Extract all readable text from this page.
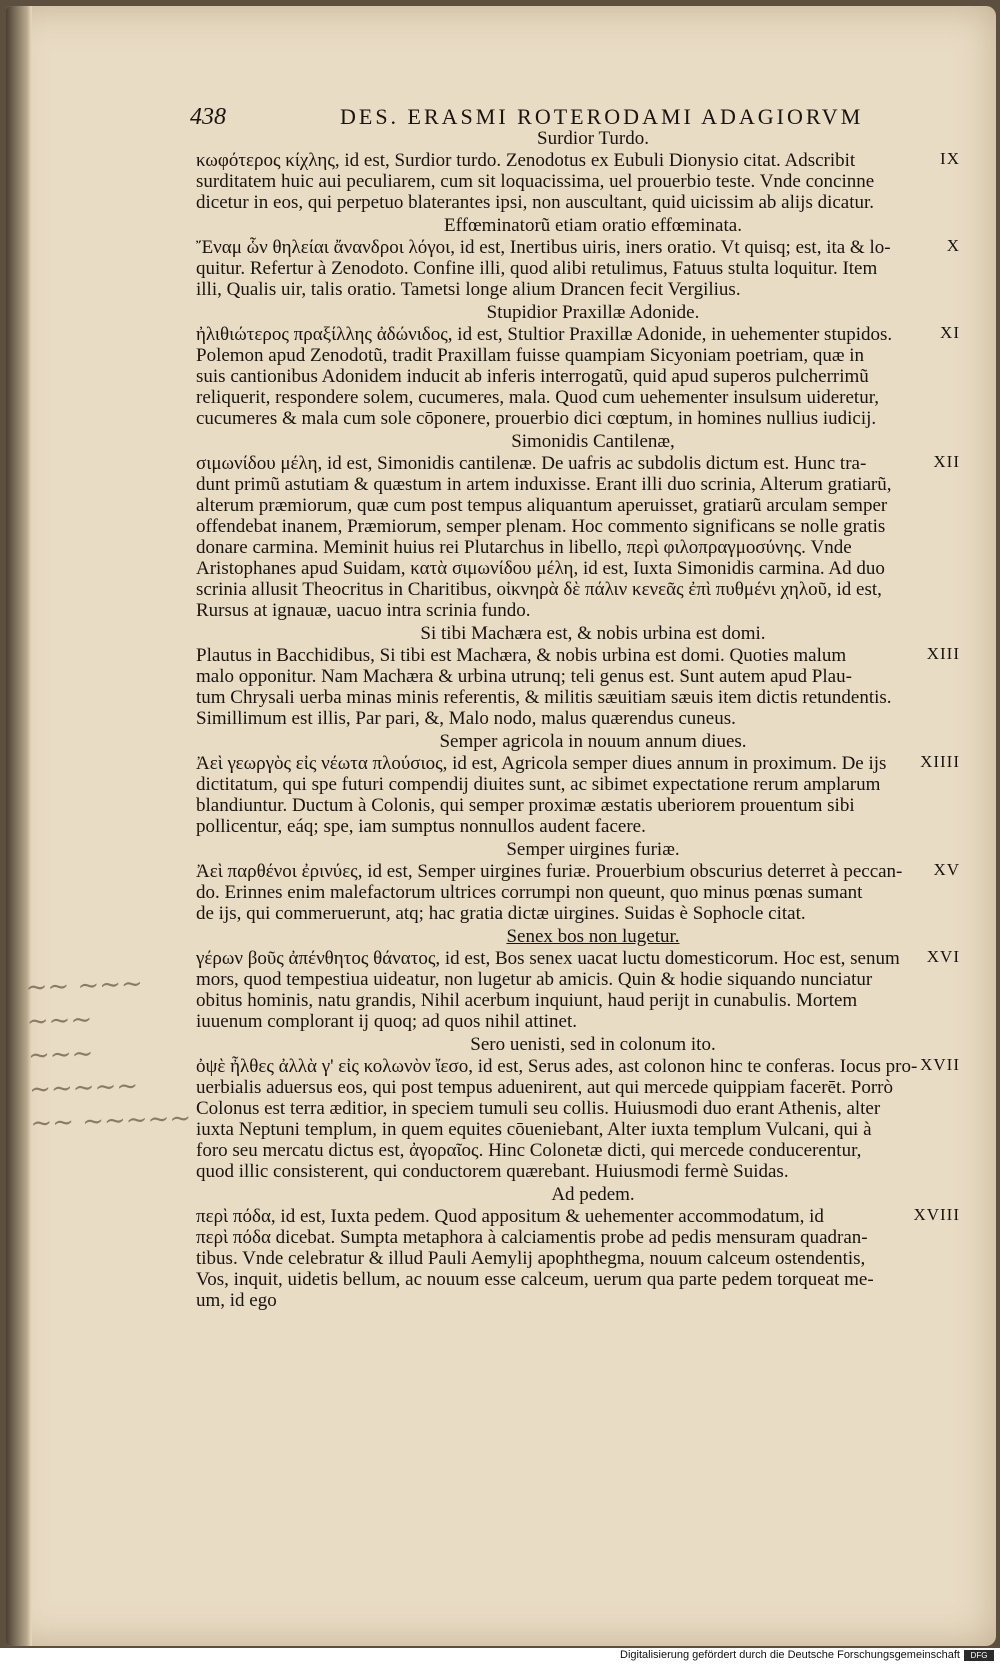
438	DES. ERASMI ROTERODAMI ADAGIORVM
Surdior Turdo.
IX
κωφότερος κίχλης, id est, Surdior turdo. Zenodotus ex Eubuli Dionysio citat. Adscribit
surditatem huic aui peculiarem, cum sit loquacissima, uel prouerbio teste. Vnde concinne
dicetur in eos, qui perpetuo blaterantes ipsi, non auscultant, quid uicissim ab alijs dicatur.
Effœminatorũ etiam oratio effœminata.
X
Ἔναμ ὧν θηλείαι ἄνανδροι λόγοι, id est, Inertibus uiris, iners oratio. Vt quisq; est, ita & lo-
quitur. Refertur à Zenodoto. Confine illi, quod alibi retulimus, Fatuus stulta loquitur. Item
illi, Qualis uir, talis oratio. Tametsi longe alium Drancen fecit Vergilius.
Stupidior Praxillæ Adonide.
XI
ἠλιθιώτερος πραξίλλης ἀδώνιδος, id est, Stultior Praxillæ Adonide, in uehementer stupidos.
Polemon apud Zenodotũ, tradit Praxillam fuisse quampiam Sicyoniam poetriam, quæ in
suis cantionibus Adonidem inducit ab inferis interrogatũ, quid apud superos pulcherrimũ
reliquerit, respondere solem, cucumeres, mala. Quod cum uehementer insulsum uideretur,
cucumeres & mala cum sole cōponere, prouerbio dici cœptum, in homines nullius iudicij.
Simonidis Cantilenæ,
XII
σιμωνίδου μέλη, id est, Simonidis cantilenæ. De uafris ac subdolis dictum est. Hunc tra-
dunt primũ astutiam & quæstum in artem induxisse. Erant illi duo scrinia, Alterum gratiarũ,
alterum præmiorum, quæ cum post tempus aliquantum aperuisset, gratiarũ arculam semper
offendebat inanem, Præmiorum, semper plenam. Hoc commento significans se nolle gratis
donare carmina. Meminit huius rei Plutarchus in libello, περὶ φιλοπραγμοσύνης. Vnde
Aristophanes apud Suidam, κατὰ σιμωνίδου μέλη, id est, Iuxta Simonidis carmina. Ad duo
scrinia allusit Theocritus in Charitibus, οἰκνηρὰ δὲ πάλιν κενεᾶς ἐπὶ πυθμένι χηλοῦ, id est,
Rursus at ignauæ, uacuo intra scrinia fundo.
Si tibi Machæra est, & nobis urbina est domi.
XIII
Plautus in Bacchidibus, Si tibi est Machæra, & nobis urbina est domi. Quoties malum
malo opponitur. Nam Machæra & urbina utrunq; teli genus est. Sunt autem apud Plau-
tum Chrysali uerba minas minis referentis, & militis sæuitiam sæuis item dictis retundentis.
Simillimum est illis, Par pari, &, Malo nodo, malus quærendus cuneus.
Semper agricola in nouum annum diues.
XIIII
Ἀεὶ γεωργὸς εἰς νέωτα πλούσιος, id est, Agricola semper diues annum in proximum. De ijs
dictitatum, qui spe futuri compendij diuites sunt, ac sibimet expectatione rerum amplarum
blandiuntur. Ductum à Colonis, qui semper proximæ æstatis uberiorem prouentum sibi
pollicentur, eáq; spe, iam sumptus nonnullos audent facere.
Semper uirgines furiæ.
XV
Ἀεὶ παρθένοι ἐρινύες, id est, Semper uirgines furiæ. Prouerbium obscurius deterret à peccan-
do. Erinnes enim malefactorum ultrices corrumpi non queunt, quo minus pœnas sumant
de ijs, qui commeruerunt, atq; hac gratia dictæ uirgines. Suidas è Sophocle citat.
Senex bos non lugetur.
XVI
γέρων βοῦς ἀπένθητος θάνατος, id est, Bos senex uacat luctu domesticorum. Hoc est, senum
mors, quod tempestiua uideatur, non lugetur ab amicis. Quin & hodie siquando nunciatur
obitus hominis, natu grandis, Nihil acerbum inquiunt, haud perijt in cunabulis. Mortem
iuuenum complorant ij quoq; ad quos nihil attinet.
Sero uenisti, sed in colonum ito.
XVII
ὀψὲ ἦλθες ἀλλὰ γ' εἰς κολωνὸν ἴεσο, id est, Serus ades, ast colonon hinc te conferas. Iocus pro-
uerbialis aduersus eos, qui post tempus aduenirent, aut qui mercede quippiam facerēt. Porrò
Colonus est terra æditior, in speciem tumuli seu collis. Huiusmodi duo erant Athenis, alter
iuxta Neptuni templum, in quem equites cōueniebant, Alter iuxta templum Vulcani, qui à
foro seu mercatu dictus est, ἀγοραῖος. Hinc Colonetæ dicti, qui mercede conducerentur,
quod illic consisterent, qui conductorem quærebant. Huiusmodi fermè Suidas.
Ad pedem.
XVIII
περὶ πόδα, id est, Iuxta pedem. Quod appositum & uehementer accommodatum, id
περὶ πόδα dicebat. Sumpta metaphora à calciamentis probe ad pedis mensuram quadran-
tibus. Vnde celebratur & illud Pauli Aemylij apophthegma, nouum calceum ostendentis,
Vos, inquit, uidetis bellum, ac nouum esse calceum, uerum qua parte pedem torqueat me-
um, id ego
~~ ~~~ ~~~
~~~ ~~~~~
~~ ~~~~~
Digitalisierung gefördert durch die Deutsche Forschungsgemeinschaft	DFG
